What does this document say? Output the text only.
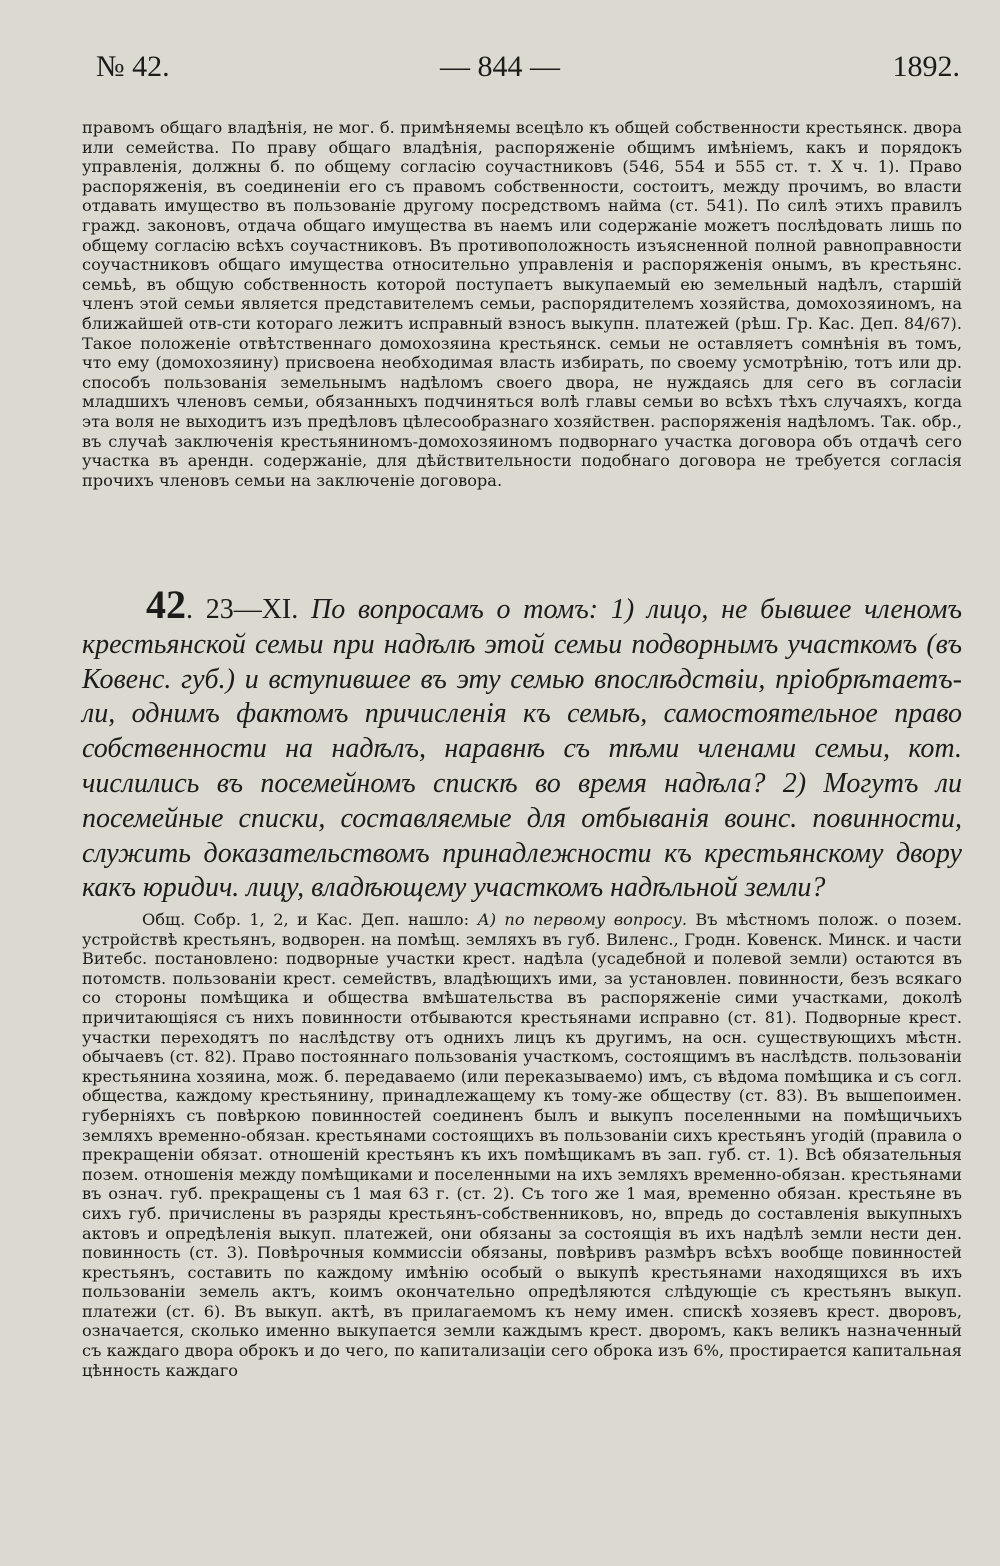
№ 42.	— 844 —	1892.
правомъ общаго владѣнія, не мог. б. примѣняемы всецѣло къ общей собственности крестьянск. двора или семейства. По праву общаго владѣнія, распоряженіе общимъ имѣніемъ, какъ и порядокъ управленія, должны б. по общему согласію соучастниковъ (546, 554 и 555 ст. т. X ч. 1). Право распоряженія, въ соединеніи его съ правомъ собственности, состоитъ, между прочимъ, во власти отдавать имущество въ пользованіе другому посредствомъ найма (ст. 541). По силѣ этихъ правилъ гражд. законовъ, отдача общаго имущества въ наемъ или содержаніе можетъ послѣдовать лишь по общему согласію всѣхъ соучастниковъ. Въ противоположность изъясненной полной равноправности соучастниковъ общаго имущества относительно управленія и распоряженія онымъ, въ крестьянс. семьѣ, въ общую собственность которой поступаетъ выкупаемый ею земельный надѣлъ, старшій членъ этой семьи является представителемъ семьи, распорядителемъ хозяйства, домохозяиномъ, на ближайшей отв-сти котораго лежитъ исправный взносъ выкупн. платежей (рѣш. Гр. Кас. Деп. 84/67). Такое положеніе отвѣтственнаго домохозяина крестьянск. семьи не оставляетъ сомнѣнія въ томъ, что ему (домохозяину) присвоена необходимая власть избирать, по своему усмотрѣнію, тотъ или др. способъ пользованія земельнымъ надѣломъ своего двора, не нуждаясь для сего въ согласіи младшихъ членовъ семьи, обязанныхъ подчиняться волѣ главы семьи во всѣхъ тѣхъ случаяхъ, когда эта воля не выходитъ изъ предѣловъ цѣлесообразнаго хозяйствен. распоряженія надѣломъ. Так. обр., въ случаѣ заключенія крестьяниномъ-домохозяиномъ подворнаго участка договора объ отдачѣ сего участка въ арендн. содержаніе, для дѣйствительности подобнаго договора не требуется согласія прочихъ членовъ семьи на заключеніе договора.
42. 23—XI. По вопросамъ о томъ: 1) лицо, не бывшее членомъ крестьянской семьи при надѣлѣ этой семьи подворнымъ участкомъ (въ Ковенс. губ.) и вступившее въ эту семью впослѣдствіи, пріобрѣтаетъ-ли, однимъ фактомъ причисленія къ семьѣ, самостоятельное право собственности на надѣлъ, наравнѣ съ тѣми членами семьи, кот. числились въ посемейномъ спискѣ во время надѣла? 2) Могутъ ли посемейные списки, составляемые для отбыванія воинс. повинности, служить доказательствомъ принадлежности къ крестьянскому двору какъ юридич. лицу, владѣющему участкомъ надѣльной земли?
Общ. Собр. 1, 2, и Кас. Деп. нашло: А) по первому вопросу. Въ мѣстномъ полож. о позем. устройствѣ крестьянъ, водворен. на помѣщ. земляхъ въ губ. Виленс., Гродн. Ковенск. Минск. и части Витебс. постановлено: подворные участки крест. надѣла (усадебной и полевой земли) остаются въ потомств. пользованіи крест. семействъ, владѣющихъ ими, за установлен. повинности, безъ всякаго со стороны помѣщика и общества вмѣшательства въ распоряженіе сими участками, доколѣ причитающіяся съ нихъ повинности отбываются крестьянами исправно (ст. 81). Подворные крест. участки переходятъ по наслѣдству отъ однихъ лицъ къ другимъ, на осн. существующихъ мѣстн. обычаевъ (ст. 82). Право постояннаго пользованія участкомъ, состоящимъ въ наслѣдств. пользованіи крестьянина хозяина, мож. б. передаваемо (или переказываемо) имъ, съ вѣдома помѣщика и съ согл. общества, каждому крестьянину, принадлежащему къ тому-же обществу (ст. 83). Въ вышепоимен. губерніяхъ съ повѣркою повинностей соединенъ былъ и выкупъ поселенными на помѣщичьихъ земляхъ временно-обязан. крестьянами состоящихъ въ пользованіи сихъ крестьянъ угодій (правила о прекращеніи обязат. отношеній крестьянъ къ ихъ помѣщикамъ въ зап. губ. ст. 1). Всѣ обязательныя позем. отношенія между помѣщиками и поселенными на ихъ земляхъ временно-обязан. крестьянами въ означ. губ. прекращены съ 1 мая 63 г. (ст. 2). Съ того же 1 мая, временно обязан. крестьяне въ сихъ губ. причислены въ разряды крестьянъ-собственниковъ, но, впредь до составленія выкупныхъ актовъ и опредѣленія выкуп. платежей, они обязаны за состоящія въ ихъ надѣлѣ земли нести ден. повинность (ст. 3). Повѣрочныя коммиссіи обязаны, повѣривъ размѣръ всѣхъ вообще повинностей крестьянъ, составить по каждому имѣнію особый о выкупѣ крестьянами находящихся въ ихъ пользованіи земель актъ, коимъ окончательно опредѣляются слѣдующіе съ крестьянъ выкуп. платежи (ст. 6). Въ выкуп. актѣ, въ прилагаемомъ къ нему имен. спискѣ хозяевъ крест. дворовъ, означается, сколько именно выкупается земли каждымъ крест. дворомъ, какъ великъ назначенный съ каждаго двора оброкъ и до чего, по капитализаціи сего оброка изъ 6%, простирается капитальная цѣнность каждаго
